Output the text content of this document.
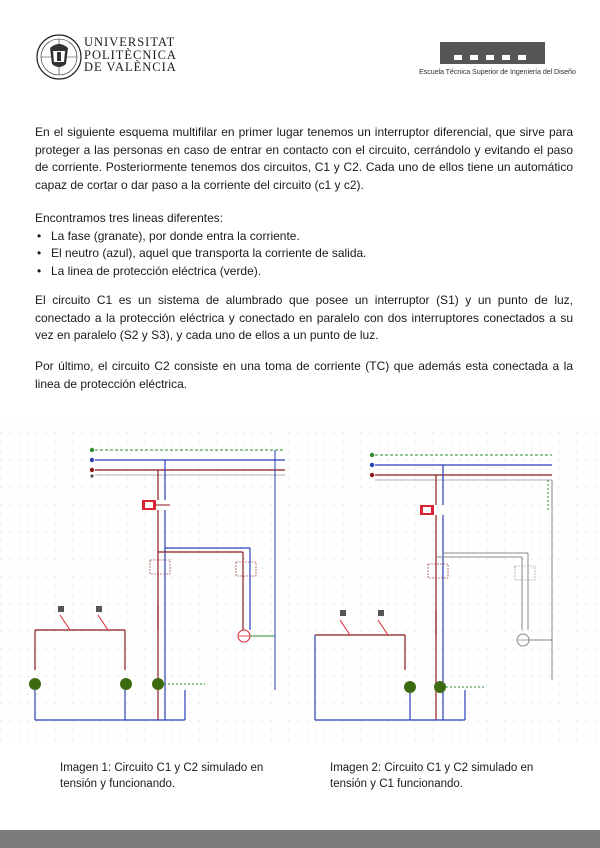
UNIVERSITAT
POLITÈCNICA
DE VALÈNCIA	Escuela Técnica Superior de Ingeniería del Diseño
En el siguiente esquema multifilar en primer lugar tenemos un interruptor diferencial, que sirve para proteger a las personas en caso de entrar en contacto con el circuito, cerrándolo y evitando el paso de corriente. Posteriormente tenemos dos circuitos, C1 y C2. Cada uno de ellos tiene un automático capaz de cortar o dar paso a la corriente del circuito (c1 y c2).
Encontramos tres lineas diferentes:
• La fase (granate), por donde entra la corriente.
• El neutro (azul), aquel que transporta la corriente de salida.
• La linea de protección eléctrica (verde).
El circuito C1 es un sistema de alumbrado que posee un interruptor (S1) y un punto de luz, conectado a la protección eléctrica y conectado en paralelo con dos interruptores conectados a su vez en paralelo (S2 y S3), y cada uno de ellos a un punto de luz.
Por último, el circuito C2 consiste en una toma de corriente (TC) que además esta conectada a la linea de protección eléctrica.
Imagen 1: Circuito C1 y C2 simulado en tensión y funcionando.
Imagen 2: Circuito C1 y C2 simulado en tensión y C1 funcionando.
